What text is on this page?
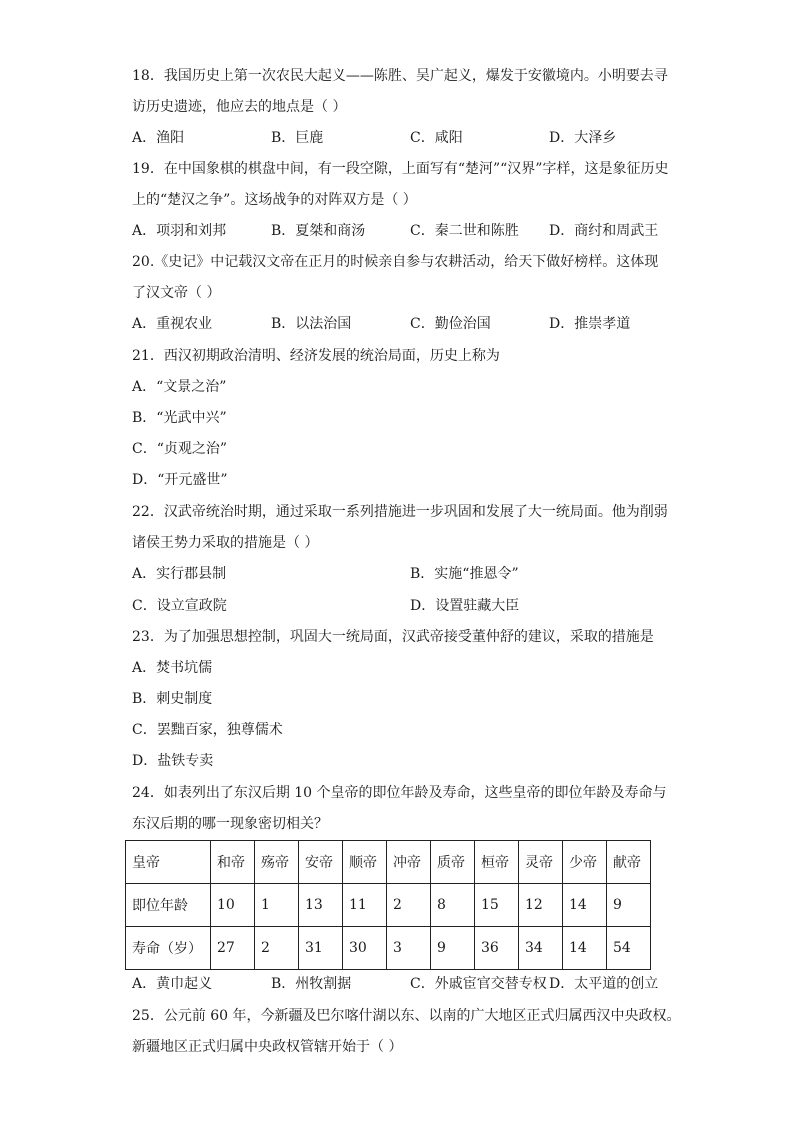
18．我国历史上第一次农民大起义——陈胜、吴广起义，爆发于安徽境内。小明要去寻
访历史遗迹，他应去的地点是（ ）
A．渔阳	B．巨鹿	C．咸阳	D．大泽乡
19．在中国象棋的棋盘中间，有一段空隙，上面写有“楚河”“汉界”字样，这是象征历史
上的“楚汉之争”。这场战争的对阵双方是（ ）
A．项羽和刘邦	B．夏桀和商汤	C．秦二世和陈胜 D．商纣和周武王
20.《史记》中记载汉文帝在正月的时候亲自参与农耕活动，给天下做好榜样。这体现
了汉文帝（ ）
A．重视农业	B．以法治国	C．勤俭治国	D．推崇孝道
21．西汉初期政治清明、经济发展的统治局面，历史上称为
A．“文景之治”
B．“光武中兴”
C．“贞观之治”
D．“开元盛世”
22．汉武帝统治时期，通过采取一系列措施进一步巩固和发展了大一统局面。他为削弱
诸侯王势力采取的措施是（ ）
A．实行郡县制	B．实施“推恩令”
C．设立宣政院	D．设置驻藏大臣
23．为了加强思想控制，巩固大一统局面，汉武帝接受董仲舒的建议，采取的措施是
A．焚书坑儒
B．刺史制度
C．罢黜百家，独尊儒术
D．盐铁专卖
24．如表列出了东汉后期 10 个皇帝的即位年龄及寿命，这些皇帝的即位年龄及寿命与
东汉后期的哪一现象密切相关？
皇帝	和帝	殇帝	安帝	顺帝	冲帝	质帝	桓帝	灵帝	少帝	献帝
即位年龄	10	1	13	11	2	8	15	12	14	9
寿命（岁）	27	2	31	30	3	9	36	34	14	54
A．黄巾起义	B．州牧割据	C．外戚宦官交替专权 D．太平道的创立
25．公元前 60 年，今新疆及巴尔喀什湖以东、以南的广大地区正式归属西汉中央政权。
新疆地区正式归属中央政权管辖开始于（ ）
